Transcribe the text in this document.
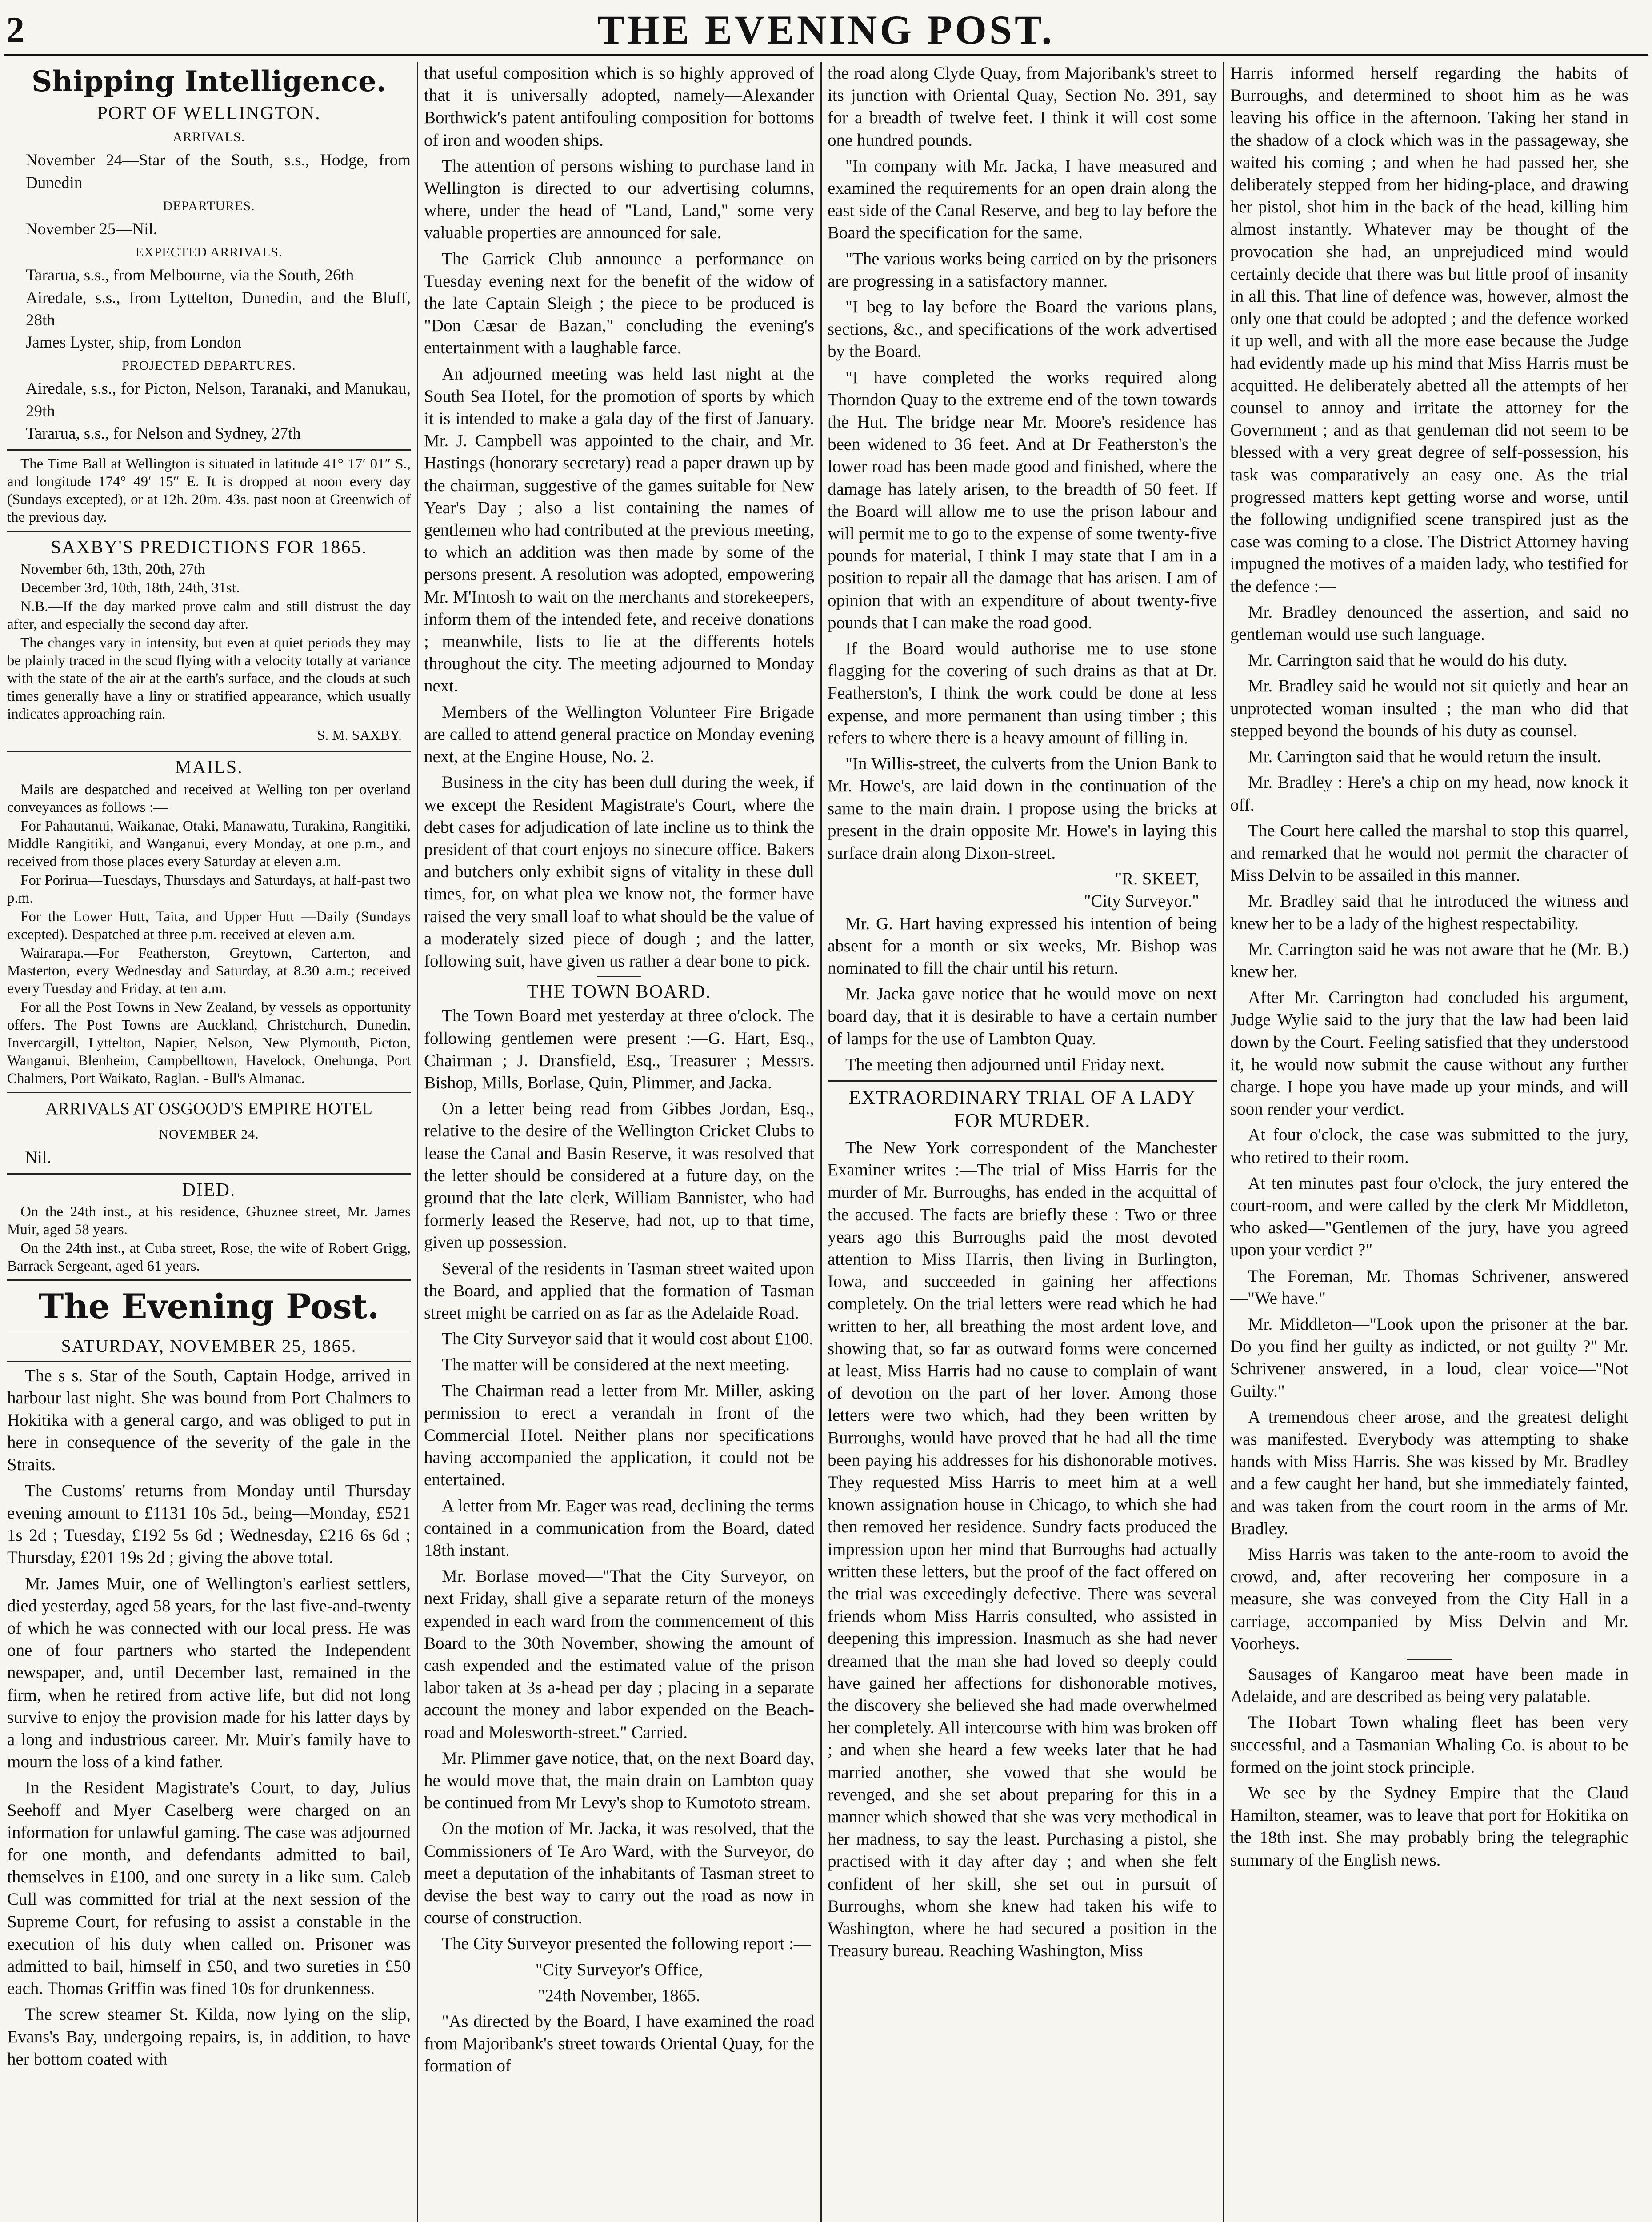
2	THE EVENING POST.
Shipping Intelligence.

PORT OF WELLINGTON.

ARRIVALS.

November 24—Star of the South, s.s., Hodge, from Dunedin

DEPARTURES.

November 25—Nil.

EXPECTED ARRIVALS.

Tararua, s.s., from Melbourne, via the South, 26th

Airedale, s.s., from Lyttelton, Dunedin, and the Bluff, 28th

James Lyster, ship, from London

PROJECTED DEPARTURES.

Airedale, s.s., for Picton, Nelson, Taranaki, and Manukau, 29th

Tararua, s.s., for Nelson and Sydney, 27th

The Time Ball at Wellington is situated in latitude 41° 17′ 01″ S., and longitude 174° 49′ 15″ E. It is dropped at noon every day (Sundays excepted), or at 12h. 20m. 43s. past noon at Greenwich of the previous day.

SAXBY'S PREDICTIONS FOR 1865.

November 6th, 13th, 20th, 27th

December 3rd, 10th, 18th, 24th, 31st.

N.B.—If the day marked prove calm and still distrust the day after, and especially the second day after.

The changes vary in intensity, but even at quiet periods they may be plainly traced in the scud flying with a velocity totally at variance with the state of the air at the earth's surface, and the clouds at such times generally have a liny or stratified appearance, which usually indicates approaching rain.

S. M. SAXBY.

MAILS.

Mails are despatched and received at Welling ton per overland conveyances as follows :—

For Pahautanui, Waikanae, Otaki, Manawatu, Turakina, Rangitiki, Middle Rangitiki, and Wanganui, every Monday, at one p.m., and received from those places every Saturday at eleven a.m.

For Porirua—Tuesdays, Thursdays and Saturdays, at half-past two p.m.

For the Lower Hutt, Taita, and Upper Hutt —Daily (Sundays excepted). Despatched at three p.m. received at eleven a.m.

Wairarapa.—For Featherston, Greytown, Carterton, and Masterton, every Wednesday and Saturday, at 8.30 a.m.; received every Tuesday and Friday, at ten a.m.

For all the Post Towns in New Zealand, by vessels as opportunity offers. The Post Towns are Auckland, Christchurch, Dunedin, Invercargill, Lyttelton, Napier, Nelson, New Plymouth, Picton, Wanganui, Blenheim, Campbelltown, Havelock, Onehunga, Port Chalmers, Port Waikato, Raglan. - Bull's Almanac.

ARRIVALS AT OSGOOD'S EMPIRE HOTEL

NOVEMBER 24.

Nil.

DIED.

On the 24th inst., at his residence, Ghuznee street, Mr. James Muir, aged 58 years.

On the 24th inst., at Cuba street, Rose, the wife of Robert Grigg, Barrack Sergeant, aged 61 years.

The Evening Post.

SATURDAY, NOVEMBER 25, 1865.

The s s. Star of the South, Captain Hodge, arrived in harbour last night. She was bound from Port Chalmers to Hokitika with a general cargo, and was obliged to put in here in consequence of the severity of the gale in the Straits.

The Customs' returns from Monday until Thursday evening amount to £1131 10s 5d., being—Monday, £521 1s 2d ; Tuesday, £192 5s 6d ; Wednesday, £216 6s 6d ; Thursday, £201 19s 2d ; giving the above total.

Mr. James Muir, one of Wellington's earliest settlers, died yesterday, aged 58 years, for the last five-and-twenty of which he was connected with our local press. He was one of four partners who started the Independent newspaper, and, until December last, remained in the firm, when he retired from active life, but did not long survive to enjoy the provision made for his latter days by a long and industrious career. Mr. Muir's family have to mourn the loss of a kind father.

In the Resident Magistrate's Court, to day, Julius Seehoff and Myer Caselberg were charged on an information for unlawful gaming. The case was adjourned for one month, and defendants admitted to bail, themselves in £100, and one surety in a like sum. Caleb Cull was committed for trial at the next session of the Supreme Court, for refusing to assist a constable in the execution of his duty when called on. Prisoner was admitted to bail, himself in £50, and two sureties in £50 each. Thomas Griffin was fined 10s for drunkenness.

The screw steamer St. Kilda, now lying on the slip, Evans's Bay, undergoing repairs, is, in addition, to have her bottom coated with

that useful composition which is so highly approved of that it is universally adopted, namely—Alexander Borthwick's patent antifouling composition for bottoms of iron and wooden ships.

The attention of persons wishing to purchase land in Wellington is directed to our advertising columns, where, under the head of "Land, Land," some very valuable properties are announced for sale.

The Garrick Club announce a performance on Tuesday evening next for the benefit of the widow of the late Captain Sleigh ; the piece to be produced is "Don Cæsar de Bazan," concluding the evening's entertainment with a laughable farce.

An adjourned meeting was held last night at the South Sea Hotel, for the promotion of sports by which it is intended to make a gala day of the first of January. Mr. J. Campbell was appointed to the chair, and Mr. Hastings (honorary secretary) read a paper drawn up by the chairman, suggestive of the games suitable for New Year's Day ; also a list containing the names of gentlemen who had contributed at the previous meeting, to which an addition was then made by some of the persons present. A resolution was adopted, empowering Mr. M'Intosh to wait on the merchants and storekeepers, inform them of the intended fete, and receive donations ; meanwhile, lists to lie at the differents hotels throughout the city. The meeting adjourned to Monday next.

Members of the Wellington Volunteer Fire Brigade are called to attend general practice on Monday evening next, at the Engine House, No. 2.

Business in the city has been dull during the week, if we except the Resident Magistrate's Court, where the debt cases for adjudication of late incline us to think the president of that court enjoys no sinecure office. Bakers and butchers only exhibit signs of vitality in these dull times, for, on what plea we know not, the former have raised the very small loaf to what should be the value of a moderately sized piece of dough ; and the latter, following suit, have given us rather a dear bone to pick.

THE TOWN BOARD.

The Town Board met yesterday at three o'clock. The following gentlemen were present :—G. Hart, Esq., Chairman ; J. Dransfield, Esq., Treasurer ; Messrs. Bishop, Mills, Borlase, Quin, Plimmer, and Jacka.

On a letter being read from Gibbes Jordan, Esq., relative to the desire of the Wellington Cricket Clubs to lease the Canal and Basin Reserve, it was resolved that the letter should be considered at a future day, on the ground that the late clerk, William Bannister, who had formerly leased the Reserve, had not, up to that time, given up possession.

Several of the residents in Tasman street waited upon the Board, and applied that the formation of Tasman street might be carried on as far as the Adelaide Road.

The City Surveyor said that it would cost about £100.

The matter will be considered at the next meeting.

The Chairman read a letter from Mr. Miller, asking permission to erect a verandah in front of the Commercial Hotel. Neither plans nor specifications having accompanied the application, it could not be entertained.

A letter from Mr. Eager was read, declining the terms contained in a communication from the Board, dated 18th instant.

Mr. Borlase moved—"That the City Surveyor, on next Friday, shall give a separate return of the moneys expended in each ward from the commencement of this Board to the 30th November, showing the amount of cash expended and the estimated value of the prison labor taken at 3s a-head per day ; placing in a separate account the money and labor expended on the Beach-road and Molesworth-street." Carried.

Mr. Plimmer gave notice, that, on the next Board day, he would move that, the main drain on Lambton quay be continued from Mr Levy's shop to Kumototo stream.

On the motion of Mr. Jacka, it was resolved, that the Commissioners of Te Aro Ward, with the Surveyor, do meet a deputation of the inhabitants of Tasman street to devise the best way to carry out the road as now in course of construction.

The City Surveyor presented the following report :—

"City Surveyor's Office,

"24th November, 1865.

"As directed by the Board, I have examined the road from Majoribank's street towards Oriental Quay, for the formation of

the road along Clyde Quay, from Majoribank's street to its junction with Oriental Quay, Section No. 391, say for a breadth of twelve feet. I think it will cost some one hundred pounds.

"In company with Mr. Jacka, I have measured and examined the requirements for an open drain along the east side of the Canal Reserve, and beg to lay before the Board the specification for the same.

"The various works being carried on by the prisoners are progressing in a satisfactory manner.

"I beg to lay before the Board the various plans, sections, &c., and specifications of the work advertised by the Board.

"I have completed the works required along Thorndon Quay to the extreme end of the town towards the Hut. The bridge near Mr. Moore's residence has been widened to 36 feet. And at Dr Featherston's the lower road has been made good and finished, where the damage has lately arisen, to the breadth of 50 feet. If the Board will allow me to use the prison labour and will permit me to go to the expense of some twenty-five pounds for material, I think I may state that I am in a position to repair all the damage that has arisen. I am of opinion that with an expenditure of about twenty-five pounds that I can make the road good.

If the Board would authorise me to use stone flagging for the covering of such drains as that at Dr. Featherston's, I think the work could be done at less expense, and more permanent than using timber ; this refers to where there is a heavy amount of filling in.

"In Willis-street, the culverts from the Union Bank to Mr. Howe's, are laid down in the continuation of the same to the main drain. I propose using the bricks at present in the drain opposite Mr. Howe's in laying this surface drain along Dixon-street.

"R. SKEET,

"City Surveyor."

Mr. G. Hart having expressed his intention of being absent for a month or six weeks, Mr. Bishop was nominated to fill the chair until his return.

Mr. Jacka gave notice that he would move on next board day, that it is desirable to have a certain number of lamps for the use of Lambton Quay.

The meeting then adjourned until Friday next.

EXTRAORDINARY TRIAL OF A LADY FOR MURDER.

The New York correspondent of the Manchester Examiner writes :—The trial of Miss Harris for the murder of Mr. Burroughs, has ended in the acquittal of the accused. The facts are briefly these : Two or three years ago this Burroughs paid the most devoted attention to Miss Harris, then living in Burlington, Iowa, and succeeded in gaining her affections completely. On the trial letters were read which he had written to her, all breathing the most ardent love, and showing that, so far as outward forms were concerned at least, Miss Harris had no cause to complain of want of devotion on the part of her lover. Among those letters were two which, had they been written by Burroughs, would have proved that he had all the time been paying his addresses for his dishonorable motives. They requested Miss Harris to meet him at a well known assignation house in Chicago, to which she had then removed her residence. Sundry facts produced the impression upon her mind that Burroughs had actually written these letters, but the proof of the fact offered on the trial was exceedingly defective. There was several friends whom Miss Harris consulted, who assisted in deepening this impression. Inasmuch as she had never dreamed that the man she had loved so deeply could have gained her affections for dishonorable motives, the discovery she believed she had made overwhelmed her completely. All intercourse with him was broken off ; and when she heard a few weeks later that he had married another, she vowed that she would be revenged, and she set about preparing for this in a manner which showed that she was very methodical in her madness, to say the least. Purchasing a pistol, she practised with it day after day ; and when she felt confident of her skill, she set out in pursuit of Burroughs, whom she knew had taken his wife to Washington, where he had secured a position in the Treasury bureau. Reaching Washington, Miss

Harris informed herself regarding the habits of Burroughs, and determined to shoot him as he was leaving his office in the afternoon. Taking her stand in the shadow of a clock which was in the passageway, she waited his coming ; and when he had passed her, she deliberately stepped from her hiding-place, and drawing her pistol, shot him in the back of the head, killing him almost instantly. Whatever may be thought of the provocation she had, an unprejudiced mind would certainly decide that there was but little proof of insanity in all this. That line of defence was, however, almost the only one that could be adopted ; and the defence worked it up well, and with all the more ease because the Judge had evidently made up his mind that Miss Harris must be acquitted. He deliberately abetted all the attempts of her counsel to annoy and irritate the attorney for the Government ; and as that gentleman did not seem to be blessed with a very great degree of self-possession, his task was comparatively an easy one. As the trial progressed matters kept getting worse and worse, until the following undignified scene transpired just as the case was coming to a close. The District Attorney having impugned the motives of a maiden lady, who testified for the defence :—

Mr. Bradley denounced the assertion, and said no gentleman would use such language.

Mr. Carrington said that he would do his duty.

Mr. Bradley said he would not sit quietly and hear an unprotected woman insulted ; the man who did that stepped beyond the bounds of his duty as counsel.

Mr. Carrington said that he would return the insult.

Mr. Bradley : Here's a chip on my head, now knock it off.

The Court here called the marshal to stop this quarrel, and remarked that he would not permit the character of Miss Delvin to be assailed in this manner.

Mr. Bradley said that he introduced the witness and knew her to be a lady of the highest respectability.

Mr. Carrington said he was not aware that he (Mr. B.) knew her.

After Mr. Carrington had concluded his argument, Judge Wylie said to the jury that the law had been laid down by the Court. Feeling satisfied that they understood it, he would now submit the cause without any further charge. I hope you have made up your minds, and will soon render your verdict.

At four o'clock, the case was submitted to the jury, who retired to their room.

At ten minutes past four o'clock, the jury entered the court-room, and were called by the clerk Mr Middleton, who asked—"Gentlemen of the jury, have you agreed upon your verdict ?"

The Foreman, Mr. Thomas Schrivener, answered—"We have."

Mr. Middleton—"Look upon the prisoner at the bar. Do you find her guilty as indicted, or not guilty ?" Mr. Schrivener answered, in a loud, clear voice—"Not Guilty."

A tremendous cheer arose, and the greatest delight was manifested. Everybody was attempting to shake hands with Miss Harris. She was kissed by Mr. Bradley and a few caught her hand, but she immediately fainted, and was taken from the court room in the arms of Mr. Bradley.

Miss Harris was taken to the ante-room to avoid the crowd, and, after recovering her composure in a measure, she was conveyed from the City Hall in a carriage, accompanied by Miss Delvin and Mr. Voorheys.

Sausages of Kangaroo meat have been made in Adelaide, and are described as being very palatable.

The Hobart Town whaling fleet has been very successful, and a Tasmanian Whaling Co. is about to be formed on the joint stock principle.

We see by the Sydney Empire that the Claud Hamilton, steamer, was to leave that port for Hokitika on the 18th inst. She may probably bring the telegraphic summary of the English news.
